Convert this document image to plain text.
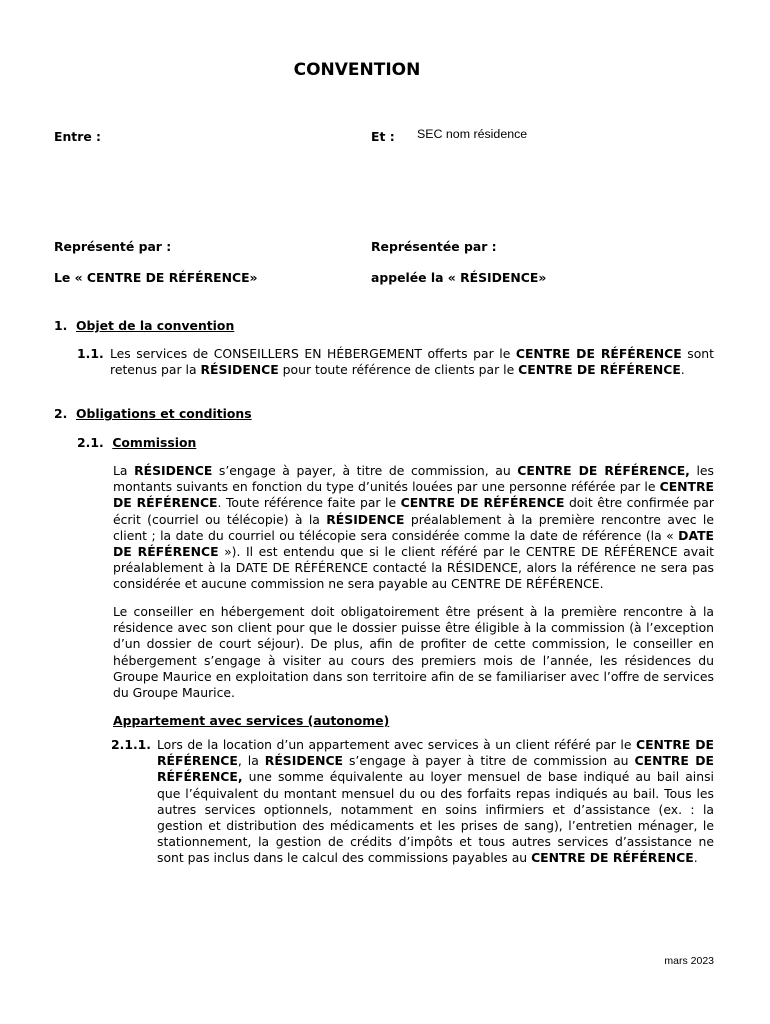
CONVENTION
Entre :	Et : SEC nom résidence
Représenté par :	Représentée par :
Le « CENTRE DE RÉFÉRENCE»	appelée la « RÉSIDENCE»
1. Objet de la convention
1.1. Les services de CONSEILLERS EN HÉBERGEMENT offerts par le CENTRE DE RÉFÉRENCE sont retenus par la RÉSIDENCE pour toute référence de clients par le CENTRE DE RÉFÉRENCE.
2. Obligations et conditions
2.1. Commission
La RÉSIDENCE s’engage à payer, à titre de commission, au CENTRE DE RÉFÉRENCE, les montants suivants en fonction du type d’unités louées par une personne référée par le CENTRE DE RÉFÉRENCE. Toute référence faite par le CENTRE DE RÉFÉRENCE doit être confirmée par écrit (courriel ou télécopie) à la RÉSIDENCE préalablement à la première rencontre avec le client ; la date du courriel ou télécopie sera considérée comme la date de référence (la « DATE DE RÉFÉRENCE »). Il est entendu que si le client référé par le CENTRE DE RÉFÉRENCE avait préalablement à la DATE DE RÉFÉRENCE contacté la RÉSIDENCE, alors la référence ne sera pas considérée et aucune commission ne sera payable au CENTRE DE RÉFÉRENCE.
Le conseiller en hébergement doit obligatoirement être présent à la première rencontre à la résidence avec son client pour que le dossier puisse être éligible à la commission (à l’exception d’un dossier de court séjour). De plus, afin de profiter de cette commission, le conseiller en hébergement s’engage à visiter au cours des premiers mois de l’année, les résidences du Groupe Maurice en exploitation dans son territoire afin de se familiariser avec l’offre de services du Groupe Maurice.
Appartement avec services (autonome)
2.1.1. Lors de la location d’un appartement avec services à un client référé par le CENTRE DE RÉFÉRENCE, la RÉSIDENCE s’engage à payer à titre de commission au CENTRE DE RÉFÉRENCE, une somme équivalente au loyer mensuel de base indiqué au bail ainsi que l’équivalent du montant mensuel du ou des forfaits repas indiqués au bail. Tous les autres services optionnels, notamment en soins infirmiers et d’assistance (ex. : la gestion et distribution des médicaments et les prises de sang), l’entretien ménager, le stationnement, la gestion de crédits d’impôts et tous autres services d’assistance ne sont pas inclus dans le calcul des commissions payables au CENTRE DE RÉFÉRENCE.
mars 2023
